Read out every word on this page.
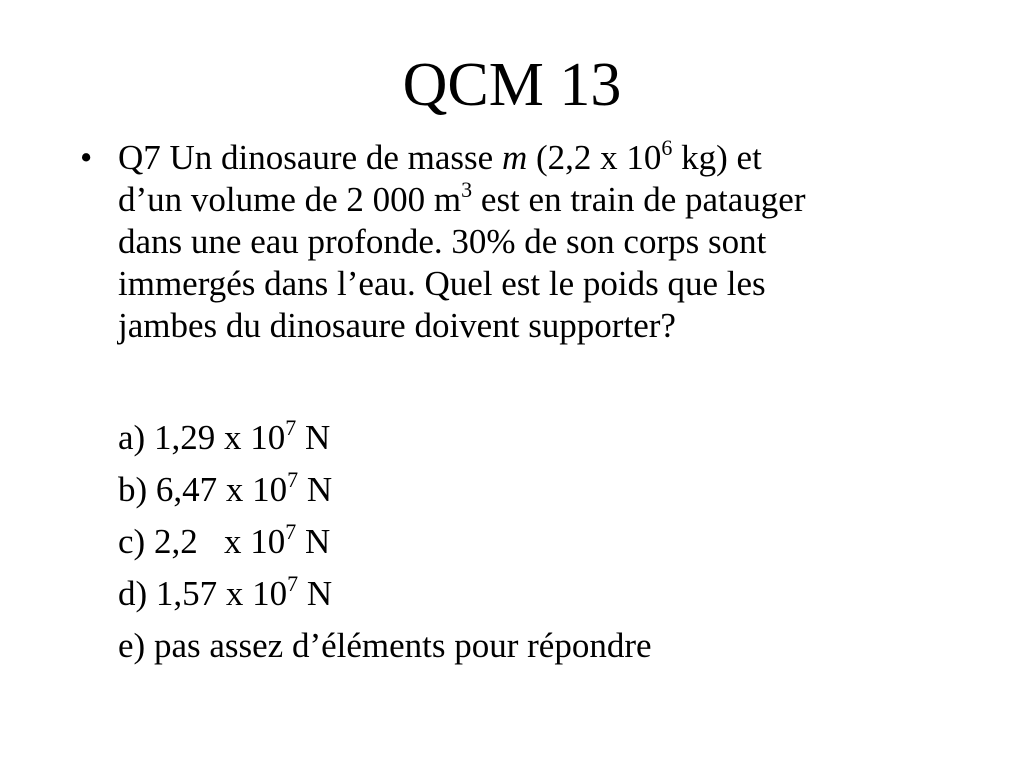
QCM 13
• Q7 Un dinosaure de masse m (2,2 x $10^6$ kg) et
d’un volume de 2 000 $m^3$ est en train de patauger
dans une eau profonde. 30% de son corps sont
immergés dans l’eau. Quel est le poids que les
jambes du dinosaure doivent supporter?
a) 1,29 x $10^7$ N
b) 6,47 x $10^7$ N
c) 2,2   x $10^7$ N
d) 1,57 x $10^7$ N
e) pas assez d’éléments pour répondre
